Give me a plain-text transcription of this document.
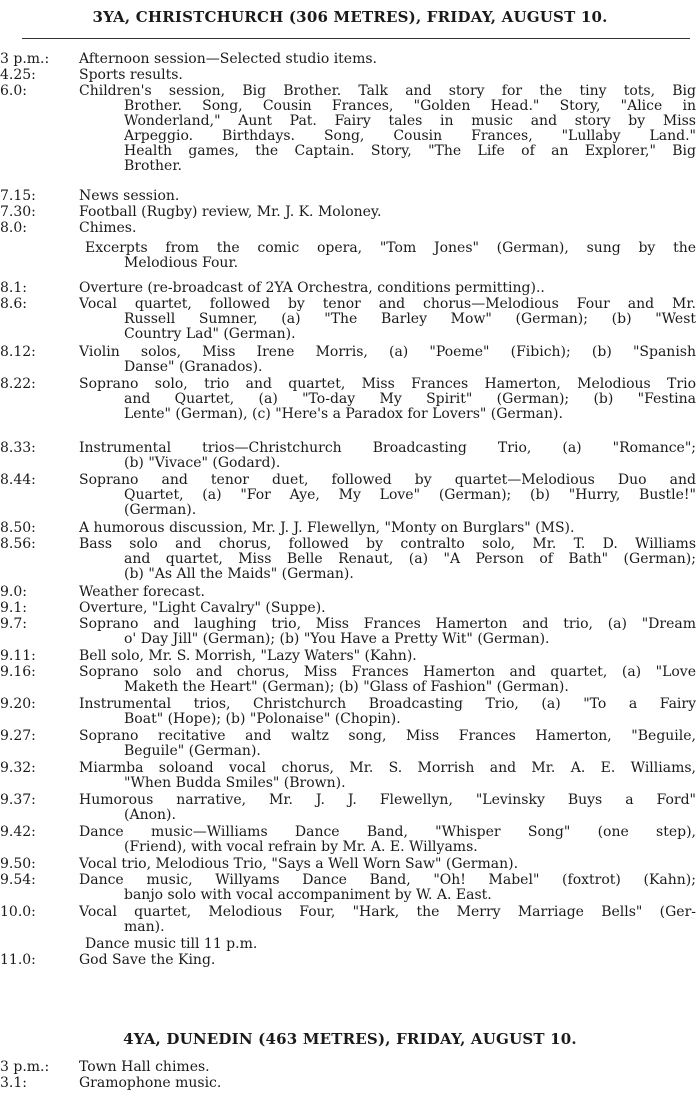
3YA, CHRISTCHURCH (306 METRES), FRIDAY, AUGUST 10.
3 p.m.:	Afternoon session—Selected studio items.
4.25:	Sports results.
6.0:	Children's session, Big Brother. Talk and story for the tiny tots, Big
Brother. Song, Cousin Frances, "Golden Head." Story, "Alice in
Wonderland," Aunt Pat. Fairy tales in music and story by Miss
Arpeggio. Birthdays. Song, Cousin Frances, "Lullaby Land."
Health games, the Captain. Story, "The Life of an Explorer," Big
Brother.
7.15:	News session.
7.30:	Football (Rugby) review, Mr. J. K. Moloney.
8.0:	Chimes.
Excerpts from the comic opera, "Tom Jones" (German), sung by the
Melodious Four.
8.1:	Overture (re-broadcast of 2YA Orchestra, conditions permitting)..
8.6:	Vocal quartet, followed by tenor and chorus—Melodious Four and Mr.
Russell Sumner, (a) "The Barley Mow" (German); (b) "West
Country Lad" (German).
8.12:	Violin solos, Miss Irene Morris, (a) "Poeme" (Fibich); (b) "Spanish
Danse" (Granados).
8.22:	Soprano solo, trio and quartet, Miss Frances Hamerton, Melodious Trio
and Quartet, (a) "To-day My Spirit" (German); (b) "Festina
Lente" (German), (c) "Here's a Paradox for Lovers" (German).
8.33:	Instrumental trios—Christchurch Broadcasting Trio, (a) "Romance";
(b) "Vivace" (Godard).
8.44:	Soprano and tenor duet, followed by quartet—Melodious Duo and
Quartet, (a) "For Aye, My Love" (German); (b) "Hurry, Bustle!"
(German).
8.50:	A humorous discussion, Mr. J. J. Flewellyn, "Monty on Burglars" (MS).
8.56:	Bass solo and chorus, followed by contralto solo, Mr. T. D. Williams
and quartet, Miss Belle Renaut, (a) "A Person of Bath" (German);
(b) "As All the Maids" (German).
9.0:	Weather forecast.
9.1:	Overture, "Light Cavalry" (Suppe).
9.7:	Soprano and laughing trio, Miss Frances Hamerton and trio, (a) "Dream
o' Day Jill" (German); (b) "You Have a Pretty Wit" (German).
9.11:	Bell solo, Mr. S. Morrish, "Lazy Waters" (Kahn).
9.16:	Soprano solo and chorus, Miss Frances Hamerton and quartet, (a) "Love
Maketh the Heart" (German); (b) "Glass of Fashion" (German).
9.20:	Instrumental trios, Christchurch Broadcasting Trio, (a) "To a Fairy
Boat" (Hope); (b) "Polonaise" (Chopin).
9.27:	Soprano recitative and waltz song, Miss Frances Hamerton, "Beguile,
Beguile" (German).
9.32:	Miarmba soloand vocal chorus, Mr. S. Morrish and Mr. A. E. Williams,
"When Budda Smiles" (Brown).
9.37:	Humorous narrative, Mr. J. J. Flewellyn, "Levinsky Buys a Ford"
(Anon).
9.42:	Dance music—Williams Dance Band, "Whisper Song" (one step),
(Friend), with vocal refrain by Mr. A. E. Willyams.
9.50:	Vocal trio, Melodious Trio, "Says a Well Worn Saw" (German).
9.54:	Dance music, Willyams Dance Band, "Oh! Mabel" (foxtrot) (Kahn);
banjo solo with vocal accompaniment by W. A. East.
10.0:	Vocal quartet, Melodious Four, "Hark, the Merry Marriage Bells" (Ger-
man).
Dance music till 11 p.m.
11.0:	God Save the King.
4YA, DUNEDIN (463 METRES), FRIDAY, AUGUST 10.
3 p.m.:	Town Hall chimes.
3.1:	Gramophone music.
